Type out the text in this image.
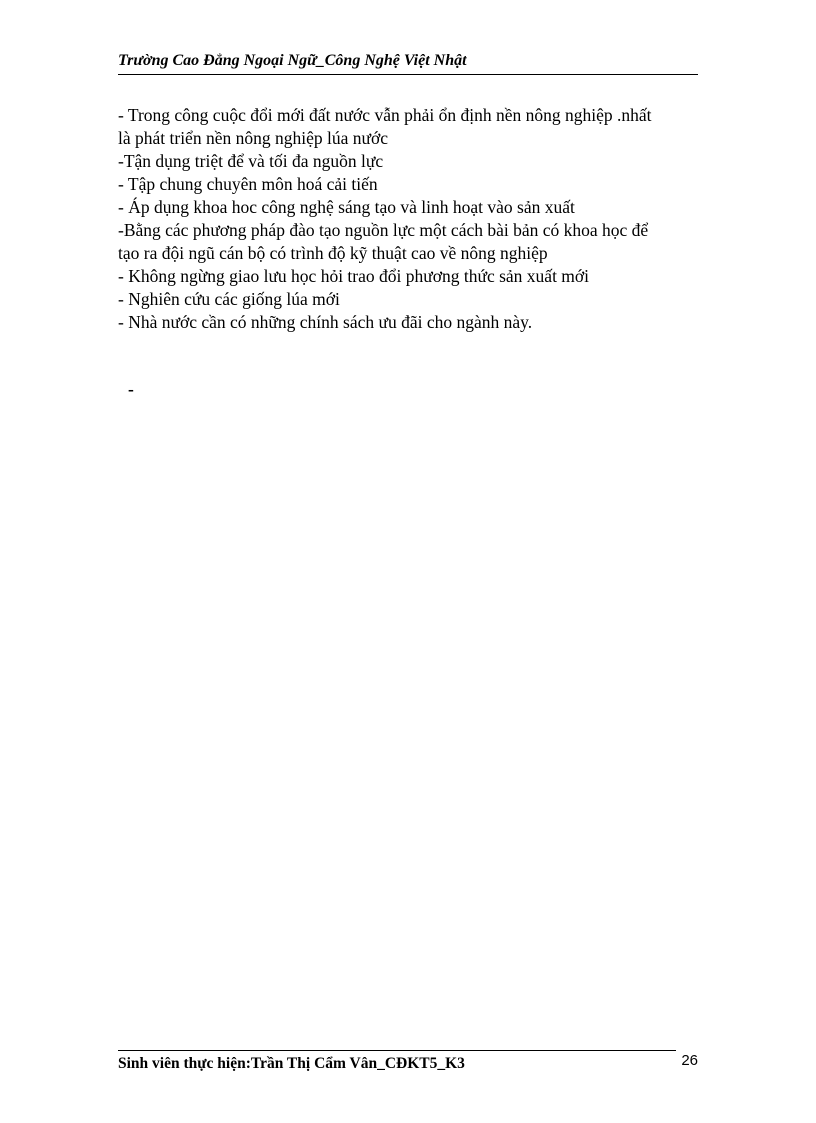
Trường Cao Đẳng Ngoại Ngữ_Công Nghệ Việt Nhật
- Trong công cuộc đổi mới đất nước vẫn phải ổn định nền nông nghiệp .nhất
là phát triển nền nông nghiệp lúa nước
-Tận dụng triệt để và tối đa nguồn lực
- Tập chung chuyên môn hoá cải tiến
- Áp dụng khoa hoc công nghệ sáng tạo và linh hoạt vào sản xuất
-Bằng các phương pháp đào tạo nguồn lực một cách bài bản có khoa học để
tạo ra đội ngũ cán bộ có trình độ kỹ thuật cao về nông nghiệp
- Không ngừng giao lưu học hỏi trao đổi phương thức sản xuất mới
- Nghiên cứu các giống lúa mới
- Nhà nước cần có những chính sách ưu đãi cho ngành này.
-
Sinh viên thực hiện:Trần Thị Cẩm Vân_CĐKT5_K3	26
